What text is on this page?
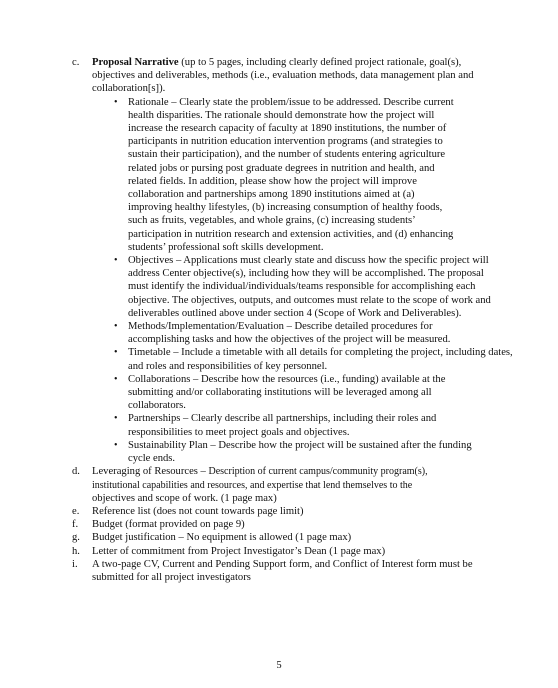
c.	Proposal Narrative (up to 5 pages, including clearly defined project rationale, goal(s),
objectives and deliverables, methods (i.e., evaluation methods, data management plan and
collaboration[s]).
• Rationale – Clearly state the problem/issue to be addressed. Describe current
health disparities. The rationale should demonstrate how the project will
increase the research capacity of faculty at 1890 institutions, the number of
participants in nutrition education intervention programs (and strategies to
sustain their participation), and the number of students entering agriculture
related jobs or pursing post graduate degrees in nutrition and health, and
related fields. In addition, please show how the project will improve
collaboration and partnerships among 1890 institutions aimed at (a)
improving healthy lifestyles, (b) increasing consumption of healthy foods,
such as fruits, vegetables, and whole grains, (c) increasing students’
participation in nutrition research and extension activities, and (d) enhancing
students’ professional soft skills development.
• Objectives – Applications must clearly state and discuss how the specific project will
address Center objective(s), including how they will be accomplished. The proposal
must identify the individual/individuals/teams responsible for accomplishing each
objective. The objectives, outputs, and outcomes must relate to the scope of work and
deliverables outlined above under section 4 (Scope of Work and Deliverables).
• Methods/Implementation/Evaluation – Describe detailed procedures for
accomplishing tasks and how the objectives of the project will be measured.
• Timetable – Include a timetable with all details for completing the project, including dates,
and roles and responsibilities of key personnel.
• Collaborations – Describe how the resources (i.e., funding) available at the
submitting and/or collaborating institutions will be leveraged among all
collaborators.
• Partnerships – Clearly describe all partnerships, including their roles and
responsibilities to meet project goals and objectives.
• Sustainability Plan – Describe how the project will be sustained after the funding
cycle ends.
d.	Leveraging of Resources – Description of current campus/community program(s),
institutional capabilities and resources, and expertise that lend themselves to the
objectives and scope of work. (1 page max)
e.	Reference list (does not count towards page limit)
f.	Budget (format provided on page 9)
g.	Budget justification – No equipment is allowed (1 page max)
h.	Letter of commitment from Project Investigator’s Dean (1 page max)
i.	A two-page CV, Current and Pending Support form, and Conflict of Interest form must be
submitted for all project investigators
5
